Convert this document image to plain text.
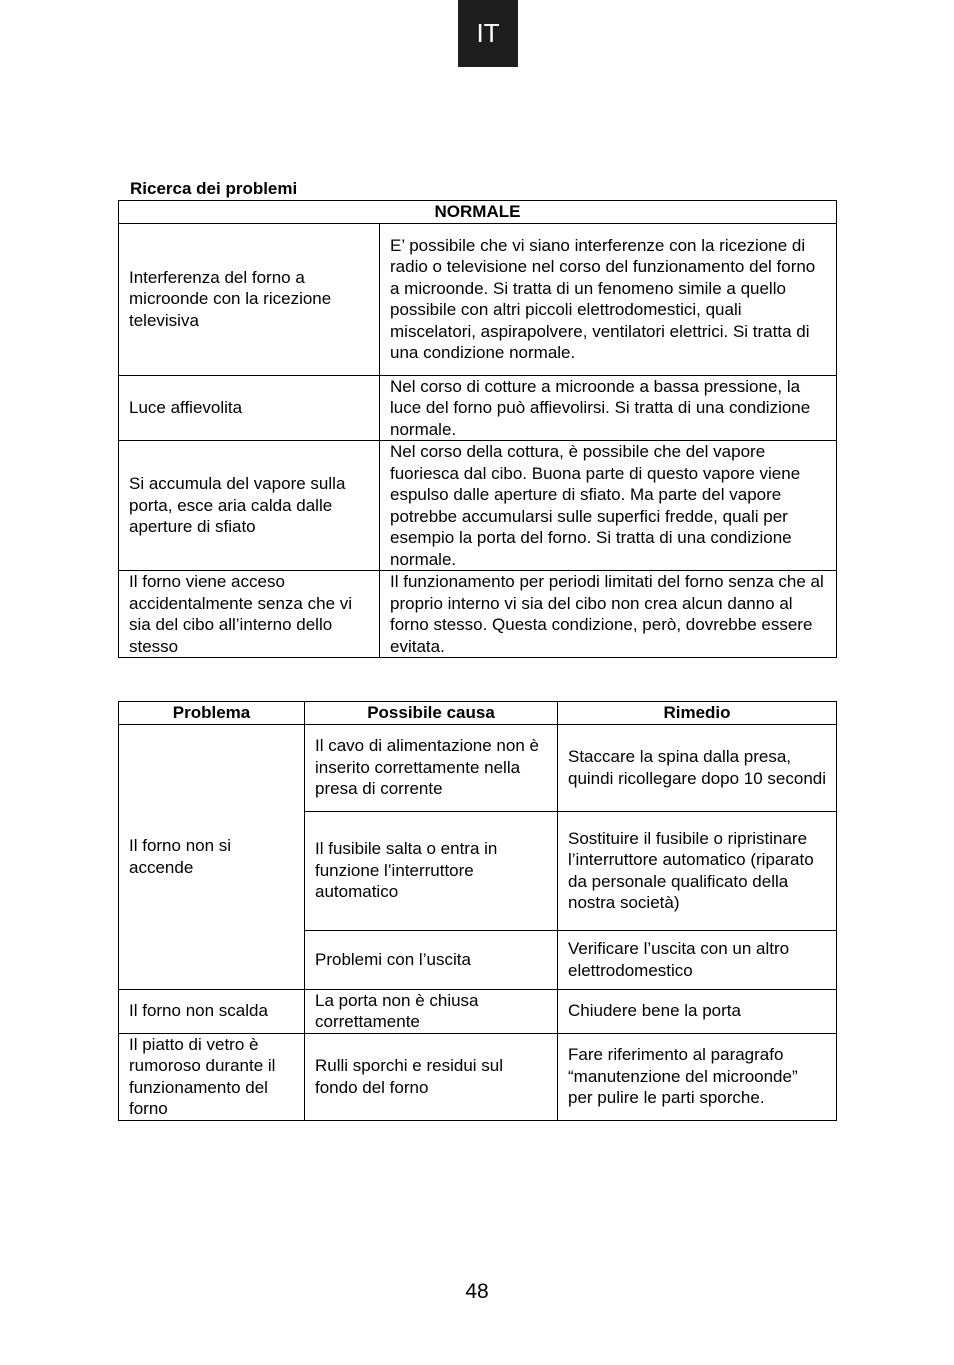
IT
Ricerca dei problemi
NORMALE	
Interferenza del forno a microonde con la ricezione televisiva	E’ possibile che vi siano interferenze con la ricezione di radio o televisione nel corso del funzionamento del forno a microonde. Si tratta di un fenomeno simile a quello possibile con altri piccoli elettrodomestici, quali miscelatori, aspirapolvere, ventilatori elettrici. Si tratta di una condizione normale.
Luce affievolita	Nel corso di cotture a microonde a bassa pressione, la luce del forno può affievolirsi. Si tratta di una condizione normale.
Si accumula del vapore sulla porta, esce aria calda dalle aperture di sfiato	Nel corso della cottura, è possibile che del vapore fuoriesca dal cibo. Buona parte di questo vapore viene espulso dalle aperture di sfiato. Ma parte del vapore potrebbe accumularsi sulle superfici fredde, quali per esempio la porta del forno. Si tratta di una condizione normale.
Il forno viene acceso accidentalmente senza che vi sia del cibo all’interno dello stesso	Il funzionamento per periodi limitati del forno senza che al proprio interno vi sia del cibo non crea alcun danno al forno stesso. Questa condizione, però, dovrebbe essere evitata.
Problema	Possibile causa	Rimedio
Il forno non si accende	Il cavo di alimentazione non è inserito correttamente nella presa di corrente	Staccare la spina dalla presa, quindi ricollegare dopo 10 secondi
	Il fusibile salta o entra in funzione l’interruttore automatico	Sostituire il fusibile o ripristinare l’interruttore automatico (riparato da personale qualificato della nostra società)
	Problemi con l’uscita	Verificare l’uscita con un altro elettrodomestico
Il forno non scalda	La porta non è chiusa correttamente	Chiudere bene la porta
Il piatto di vetro è rumoroso durante il funzionamento del forno	Rulli sporchi e residui sul fondo del forno	Fare riferimento al paragrafo “manutenzione del microonde” per pulire le parti sporche.
48
